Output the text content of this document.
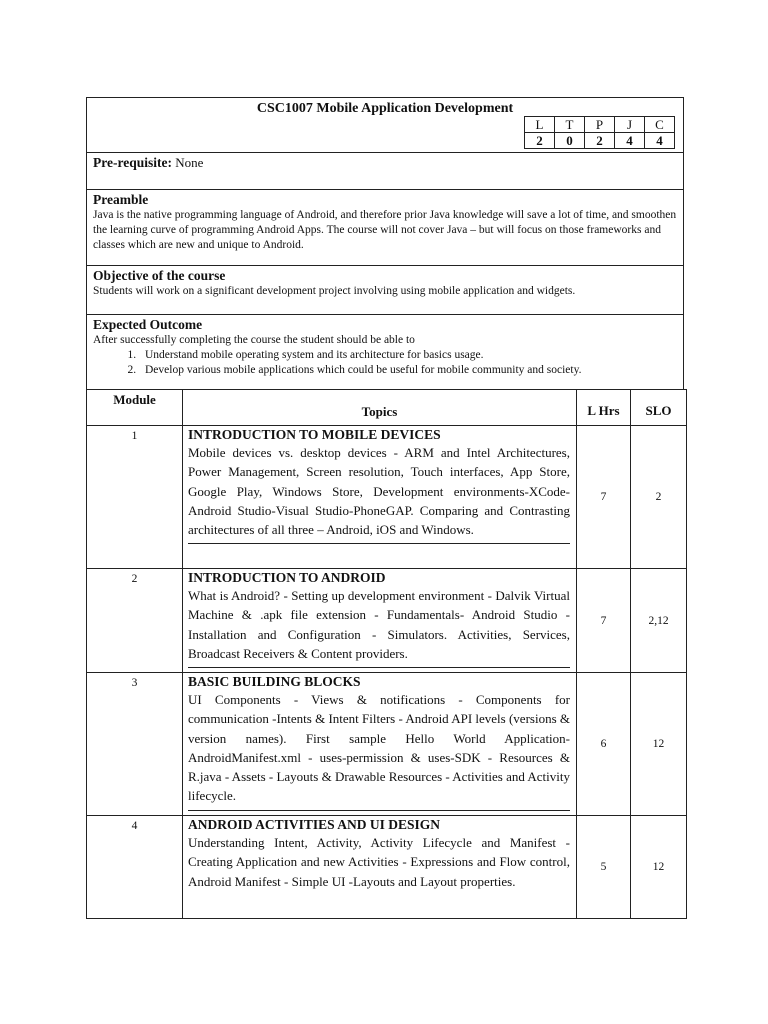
CSC1007 Mobile Application Development
L	T	P	J	C
2	0	2	4	4
Pre-requisite: None
Preamble
Java is the native programming language of Android, and therefore prior Java knowledge will save a lot of time, and smoothen the learning curve of programming Android Apps. The course will not cover Java – but will focus on those frameworks and classes which are new and unique to Android.
Objective of the course
Students will work on a significant development project involving using mobile application and widgets.
Expected Outcome
After successfully completing the course the student should be able to
1. Understand mobile operating system and its architecture for basics usage.
2. Develop various mobile applications which could be useful for mobile community and society.
Module	Topics	L Hrs	SLO
1	INTRODUCTION TO MOBILE DEVICES
Mobile devices vs. desktop devices - ARM and Intel Architectures, Power Management, Screen resolution, Touch interfaces, App Store, Google Play, Windows Store, Development environments-XCode-Android Studio-Visual Studio-PhoneGAP. Comparing and Contrasting architectures of all three – Android, iOS and Windows.	7	2
2	INTRODUCTION TO ANDROID
What is Android? - Setting up development environment - Dalvik Virtual Machine & .apk file extension - Fundamentals- Android Studio - Installation and Configuration - Simulators. Activities, Services, Broadcast Receivers & Content providers.	7	2,12
3	BASIC BUILDING BLOCKS
UI Components - Views & notifications - Components for communication -Intents & Intent Filters - Android API levels (versions & version names). First sample Hello World Application- AndroidManifest.xml - uses-permission & uses-SDK - Resources & R.java - Assets - Layouts & Drawable Resources - Activities and Activity lifecycle.	6	12
4	ANDROID ACTIVITIES AND UI DESIGN
Understanding Intent, Activity, Activity Lifecycle and Manifest - Creating Application and new Activities - Expressions and Flow control, Android Manifest - Simple UI -Layouts and Layout properties.	5	12
